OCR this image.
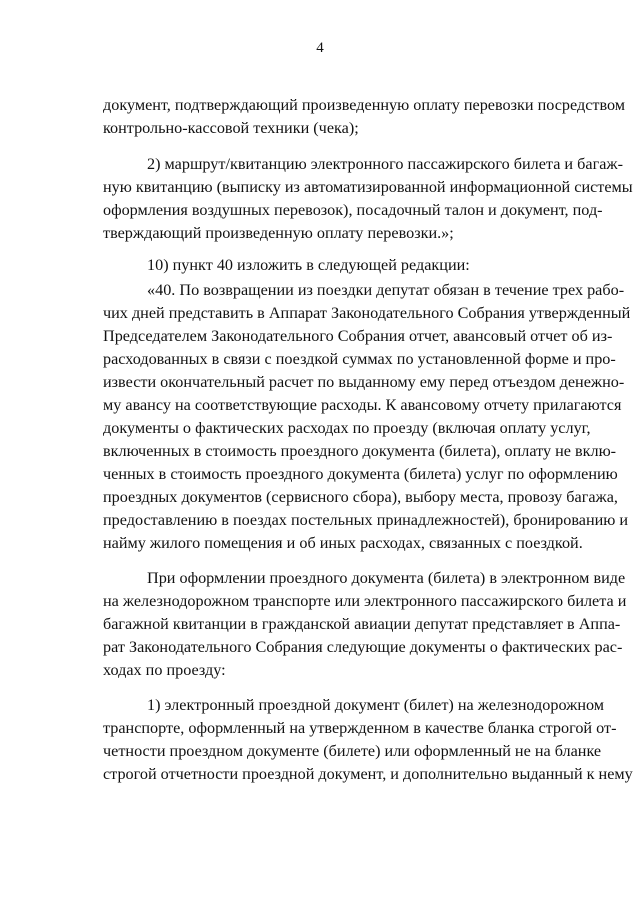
4
документ, подтверждающий произведенную оплату перевозки посредством
контрольно-кассовой техники (чека);
2) маршрут/квитанцию электронного пассажирского билета и багаж-
ную квитанцию (выписку из автоматизированной информационной системы
оформления воздушных перевозок), посадочный талон и документ, под-
тверждающий произведенную оплату перевозки.»;
10) пункт 40 изложить в следующей редакции:
«40. По возвращении из поездки депутат обязан в течение трех рабо-
чих дней представить в Аппарат Законодательного Собрания утвержденный
Председателем Законодательного Собрания отчет, авансовый отчет об из-
расходованных в связи с поездкой суммах по установленной форме и про-
извести окончательный расчет по выданному ему перед отъездом денежно-
му авансу на соответствующие расходы. К авансовому отчету прилагаются
документы о фактических расходах по проезду (включая оплату услуг,
включенных в стоимость проездного документа (билета), оплату не вклю-
ченных в стоимость проездного документа (билета) услуг по оформлению
проездных документов (сервисного сбора), выбору места, провозу багажа,
предоставлению в поездах постельных принадлежностей), бронированию и
найму жилого помещения и об иных расходах, связанных с поездкой.
При оформлении проездного документа (билета) в электронном виде
на железнодорожном транспорте или электронного пассажирского билета и
багажной квитанции в гражданской авиации депутат представляет в Аппа-
рат Законодательного Собрания следующие документы о фактических рас-
ходах по проезду:
1) электронный проездной документ (билет) на железнодорожном
транспорте, оформленный на утвержденном в качестве бланка строгой от-
четности проездном документе (билете) или оформленный не на бланке
строгой отчетности проездной документ, и дополнительно выданный к нему
